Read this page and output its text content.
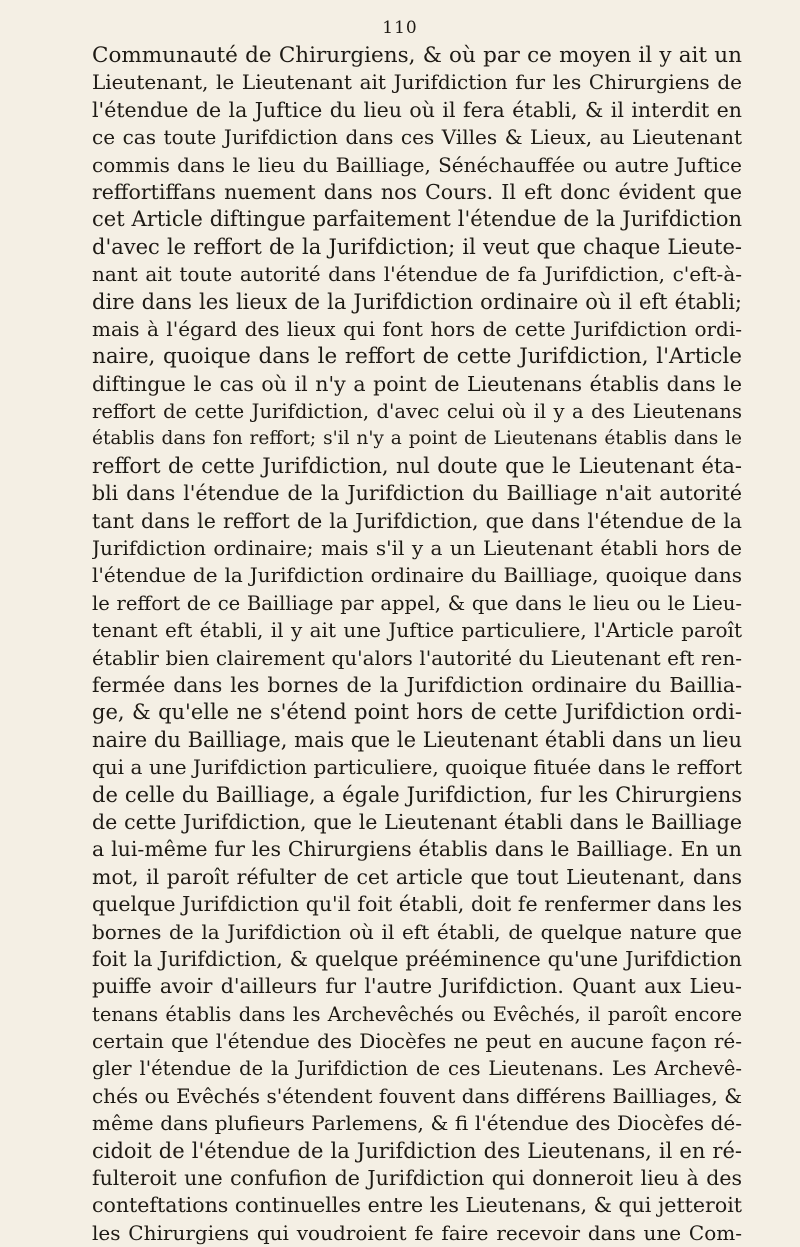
110
Communauté de Chirurgiens, & où par ce moyen il y ait un
Lieutenant, le Lieutenant ait Jurifdiction fur les Chirurgiens de
l'étendue de la Juftice du lieu où il fera établi, & il interdit en
ce cas toute Jurifdiction dans ces Villes & Lieux, au Lieutenant
commis dans le lieu du Bailliage, Sénéchauffée ou autre Juftice
reffortiffans nuement dans nos Cours. Il eft donc évident que
cet Article diftingue parfaitement l'étendue de la Jurifdiction
d'avec le reffort de la Jurifdiction; il veut que chaque Lieute-
nant ait toute autorité dans l'étendue de fa Jurifdiction, c'eft-à-
dire dans les lieux de la Jurifdiction ordinaire où il eft établi;
mais à l'égard des lieux qui font hors de cette Jurifdiction ordi-
naire, quoique dans le reffort de cette Jurifdiction, l'Article
diftingue le cas où il n'y a point de Lieutenans établis dans le
reffort de cette Jurifdiction, d'avec celui où il y a des Lieutenans
établis dans fon reffort; s'il n'y a point de Lieutenans établis dans le
reffort de cette Jurifdiction, nul doute que le Lieutenant éta-
bli dans l'étendue de la Jurifdiction du Bailliage n'ait autorité
tant dans le reffort de la Jurifdiction, que dans l'étendue de la
Jurifdiction ordinaire; mais s'il y a un Lieutenant établi hors de
l'étendue de la Jurifdiction ordinaire du Bailliage, quoique dans
le reffort de ce Bailliage par appel, & que dans le lieu ou le Lieu-
tenant eft établi, il y ait une Juftice particuliere, l'Article paroît
établir bien clairement qu'alors l'autorité du Lieutenant eft ren-
fermée dans les bornes de la Jurifdiction ordinaire du Baillia-
ge, & qu'elle ne s'étend point hors de cette Jurifdiction ordi-
naire du Bailliage, mais que le Lieutenant établi dans un lieu
qui a une Jurifdiction particuliere, quoique fituée dans le reffort
de celle du Bailliage, a égale Jurifdiction, fur les Chirurgiens
de cette Jurifdiction, que le Lieutenant établi dans le Bailliage
a lui-même fur les Chirurgiens établis dans le Bailliage. En un
mot, il paroît réfulter de cet article que tout Lieutenant, dans
quelque Jurifdiction qu'il foit établi, doit fe renfermer dans les
bornes de la Jurifdiction où il eft établi, de quelque nature que
foit la Jurifdiction, & quelque prééminence qu'une Jurifdiction
puiffe avoir d'ailleurs fur l'autre Jurifdiction. Quant aux Lieu-
tenans établis dans les Archevêchés ou Evêchés, il paroît encore
certain que l'étendue des Diocèfes ne peut en aucune façon ré-
gler l'étendue de la Jurifdiction de ces Lieutenans. Les Archevê-
chés ou Evêchés s'étendent fouvent dans différens Bailliages, &
même dans plufieurs Parlemens, & fi l'étendue des Diocèfes dé-
cidoit de l'étendue de la Jurifdiction des Lieutenans, il en ré-
fulteroit une confufion de Jurifdiction qui donneroit lieu à des
conteftations continuelles entre les Lieutenans, & qui jetteroit
les Chirurgiens qui voudroient fe faire recevoir dans une Com-
